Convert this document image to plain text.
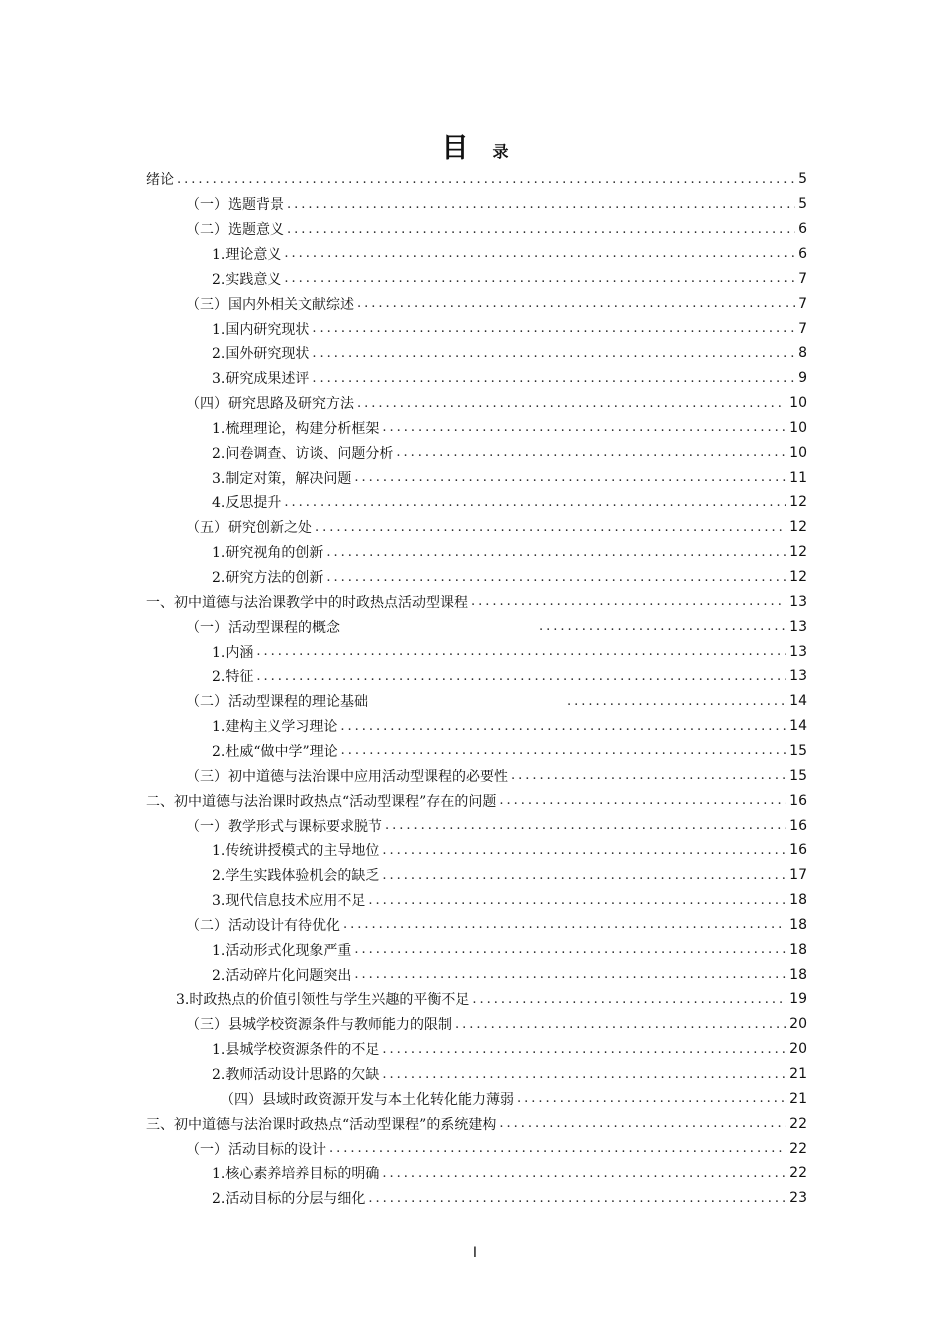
目 录
绪论 .....	5
（一）选题背景 .....	5
（二）选题意义 .....	6
1.理论意义 .....	6
2.实践意义 .....	7
（三）国内外相关文献综述 .....	7
1.国内研究现状 .....	7
2.国外研究现状 .....	8
3.研究成果述评 .....	9
（四）研究思路及研究方法 .....	10
1.梳理理论，构建分析框架 .....	10
2.问卷调查、访谈、问题分析 .....	10
3.制定对策，解决问题 .....	11
4.反思提升 .....	12
（五）研究创新之处 .....	12
1.研究视角的创新 .....	12
2.研究方法的创新 .....	12
一、初中道德与法治课教学中的时政热点活动型课程 .....	13
（一）活动型课程的概念 .....	13
1.内涵 .....	13
2.特征 .....	13
（二）活动型课程的理论基础 .....	14
1.建构主义学习理论 .....	14
2.杜威“做中学”理论 .....	15
（三）初中道德与法治课中应用活动型课程的必要性 .....	15
二、初中道德与法治课时政热点“活动型课程”存在的问题 .....	16
（一）教学形式与课标要求脱节 .....	16
1.传统讲授模式的主导地位 .....	16
2.学生实践体验机会的缺乏 .....	17
3.现代信息技术应用不足 .....	18
（二）活动设计有待优化 .....	18
1.活动形式化现象严重 .....	18
2.活动碎片化问题突出 .....	18
3.时政热点的价值引领性与学生兴趣的平衡不足 .....	19
（三）县城学校资源条件与教师能力的限制 .....	20
1.县城学校资源条件的不足 .....	20
2.教师活动设计思路的欠缺 .....	21
（四）县域时政资源开发与本土化转化能力薄弱 .....	21
三、初中道德与法治课时政热点“活动型课程”的系统建构 .....	22
（一）活动目标的设计 .....	22
1.核心素养培养目标的明确 .....	22
2.活动目标的分层与细化 .....	23
I
